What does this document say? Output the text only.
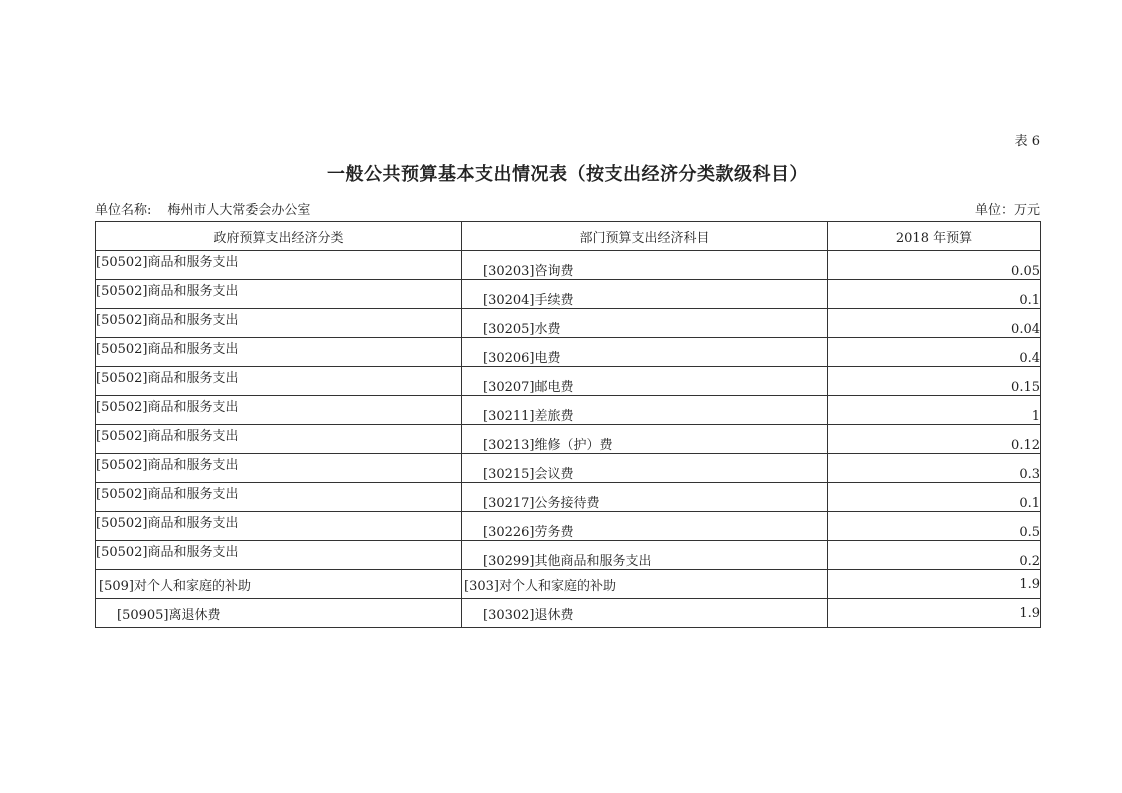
表 6
一般公共预算基本支出情况表（按支出经济分类款级科目）
单位名称: 梅州市人大常委会办公室	单位：万元
政府预算支出经济分类	部门预算支出经济科目	2018 年预算
[50502]商品和服务支出	[30203]咨询费	0.05
[50502]商品和服务支出	[30204]手续费	0.1
[50502]商品和服务支出	[30205]水费	0.04
[50502]商品和服务支出	[30206]电费	0.4
[50502]商品和服务支出	[30207]邮电费	0.15
[50502]商品和服务支出	[30211]差旅费	1
[50502]商品和服务支出	[30213]维修（护）费	0.12
[50502]商品和服务支出	[30215]会议费	0.3
[50502]商品和服务支出	[30217]公务接待费	0.1
[50502]商品和服务支出	[30226]劳务费	0.5
[50502]商品和服务支出	[30299]其他商品和服务支出	0.2
[509]对个人和家庭的补助	[303]对个人和家庭的补助	1.9
[50905]离退休费	[30302]退休费	1.9
